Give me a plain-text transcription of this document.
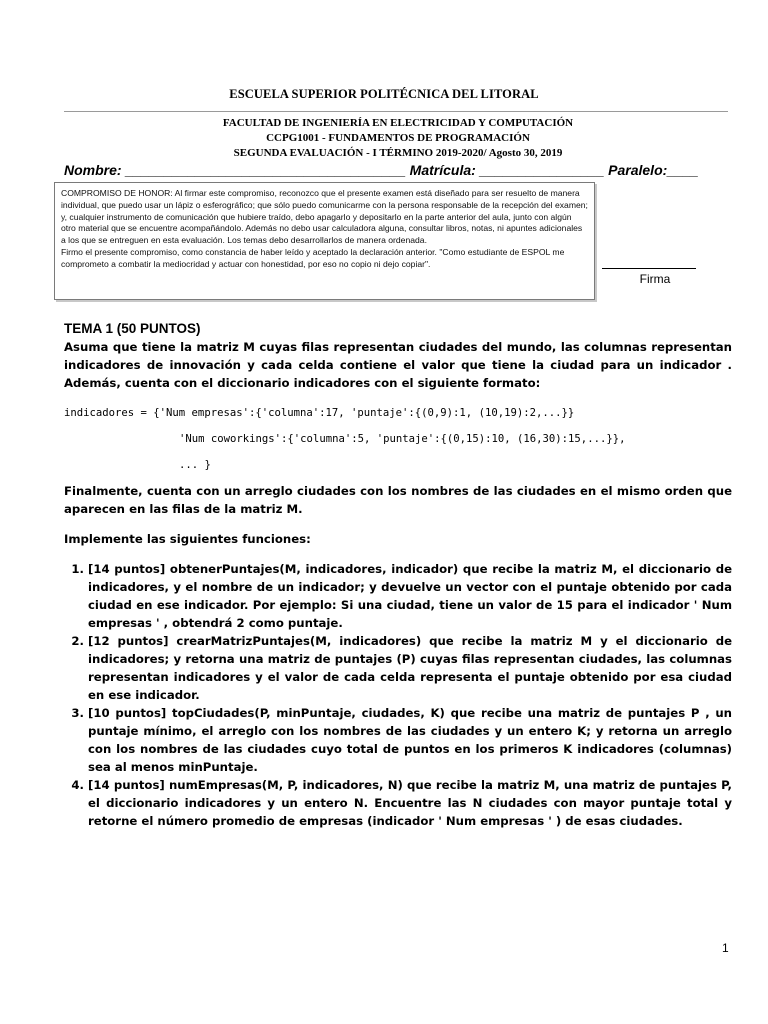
ESCUELA SUPERIOR POLITÉCNICA DEL LITORAL
FACULTAD DE INGENIERÍA EN ELECTRICIDAD Y COMPUTACIÓN
CCPG1001 - FUNDAMENTOS DE PROGRAMACIÓN
SEGUNDA EVALUACIÓN - I TÉRMINO 2019-2020/ Agosto 30, 2019
Nombre: ____________________________________ Matrícula: ________________ Paralelo:____
COMPROMISO DE HONOR: Al firmar este compromiso, reconozco que el presente examen está diseñado para ser resuelto de manera individual, que puedo usar un lápiz o esferográfico; que sólo puedo comunicarme con la persona responsable de la recepción del examen; y, cualquier instrumento de comunicación que hubiere traído, debo apagarlo y depositarlo en la parte anterior del aula, junto con algún otro material que se encuentre acompañándolo. Además no debo usar calculadora alguna, consultar libros, notas, ni apuntes adicionales a los que se entreguen en esta evaluación. Los temas debo desarrollarlos de manera ordenada.
Firmo el presente compromiso, como constancia de haber leído y aceptado la declaración anterior. "Como estudiante de ESPOL me comprometo a combatir la mediocridad y actuar con honestidad, por eso no copio ni dejo copiar".
Firma

TEMA 1 (50 PUNTOS)

Asuma que tiene la matriz M cuyas filas representan ciudades del mundo, las columnas representan indicadores de innovación y cada celda contiene el valor que tiene la ciudad para un indicador . Además, cuenta con el diccionario indicadores con el siguiente formato:

indicadores = {'Num empresas':{'columna':17, 'puntaje':{(0,9):1, (10,19):2,...}}
'Num coworkings':{'columna':5, 'puntaje':{(0,15):10, (16,30):15,...}},
... }

Finalmente, cuenta con un arreglo ciudades con los nombres de las ciudades en el mismo orden que aparecen en las filas de la matriz M.

Implemente las siguientes funciones:

1. [14 puntos] obtenerPuntajes(M, indicadores, indicador) que recibe la matriz M, el diccionario de indicadores, y el nombre de un indicador; y devuelve un vector con el puntaje obtenido por cada ciudad en ese indicador. Por ejemplo: Si una ciudad, tiene un valor de 15 para el indicador ' Num empresas ' , obtendrá 2 como puntaje.
2. [12 puntos] crearMatrizPuntajes(M, indicadores) que recibe la matriz M y el diccionario de indicadores; y retorna una matriz de puntajes (P) cuyas filas representan ciudades, las columnas representan indicadores y el valor de cada celda representa el puntaje obtenido por esa ciudad en ese indicador.
3. [10 puntos] topCiudades(P, minPuntaje, ciudades, K) que recibe una matriz de puntajes P , un puntaje mínimo, el arreglo con los nombres de las ciudades y un entero K; y retorna un arreglo con los nombres de las ciudades cuyo total de puntos en los primeros K indicadores (columnas) sea al menos minPuntaje.
4. [14 puntos] numEmpresas(M, P, indicadores, N) que recibe la matriz M, una matriz de puntajes P, el diccionario indicadores y un entero N. Encuentre las N ciudades con mayor puntaje total y retorne el número promedio de empresas (indicador ' Num empresas ' ) de esas ciudades.
1
